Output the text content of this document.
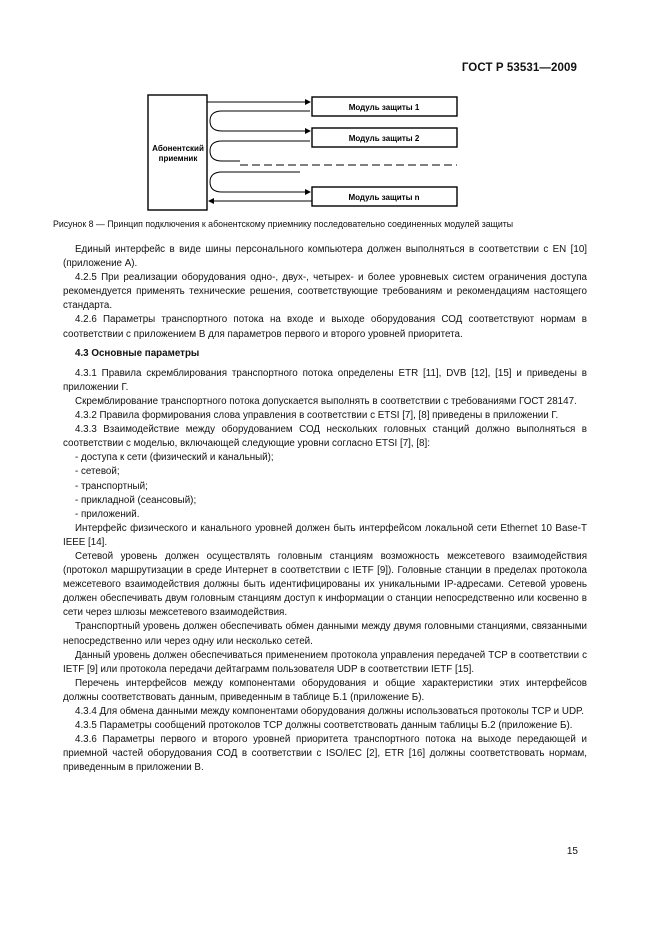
ГОСТ Р 53531—2009
Абонентский
приемник
Модуль защиты 1
Модуль защиты 2
Модуль защиты n
Рисунок 8 — Принцип подключения к абонентскому приемнику последовательно соединенных модулей защиты

Единый интерфейс в виде шины персонального компьютера должен выполняться в соответствии с EN [10] (приложение А).

4.2.5 При реализации оборудования одно-, двух-, четырех- и более уровневых систем ограничения доступа рекомендуется применять технические решения, соответствующие требованиям и рекомендациям настоящего стандарта.

4.2.6 Параметры транспортного потока на входе и выходе оборудования СОД соответствуют нормам в соответствии с приложением В для параметров первого и второго уровней приоритета.

4.3 Основные параметры

4.3.1 Правила скремблирования транспортного потока определены ETR [11], DVB [12], [15] и приведены в приложении Г.

Скремблирование транспортного потока допускается выполнять в соответствии с требованиями ГОСТ 28147.

4.3.2 Правила формирования слова управления в соответствии с ETSI [7], [8] приведены в приложении Г.

4.3.3 Взаимодействие между оборудованием СОД нескольких головных станций должно выполняться в соответствии с моделью, включающей следующие уровни согласно ETSI [7], [8]:

- доступа к сети (физический и канальный);

- сетевой;

- транспортный;

- прикладной (сеансовый);

- приложений.

Интерфейс физического и канального уровней должен быть интерфейсом локальной сети Ethernet 10 Base-T IEEE [14].

Сетевой уровень должен осуществлять головным станциям возможность межсетевого взаимодействия (протокол маршрутизации в среде Интернет в соответствии с IETF [9]). Головные станции в пределах протокола межсетевого взаимодействия должны быть идентифицированы их уникальными IP-адресами. Сетевой уровень должен обеспечивать двум головным станциям доступ к информации о станции непосредственно или косвенно в сети через шлюзы межсетевого взаимодействия.

Транспортный уровень должен обеспечивать обмен данными между двумя головными станциями, связанными непосредственно или через одну или несколько сетей.

Данный уровень должен обеспечиваться применением протокола управления передачей TCP в соответствии с IETF [9] или протокола передачи дейтаграмм пользователя UDP в соответствии IETF [15].

Перечень интерфейсов между компонентами оборудования и общие характеристики этих интерфейсов должны соответствовать данным, приведенным в таблице Б.1 (приложение Б).

4.3.4 Для обмена данными между компонентами оборудования должны использоваться протоколы TCP и UDP.

4.3.5 Параметры сообщений протоколов TCP должны соответствовать данным таблицы Б.2 (приложение Б).

4.3.6 Параметры первого и второго уровней приоритета транспортного потока на выходе передающей и приемной частей оборудования СОД в соответствии с ISO/IEC [2], ETR [16] должны соответствовать нормам, приведенным в приложении В.

15
